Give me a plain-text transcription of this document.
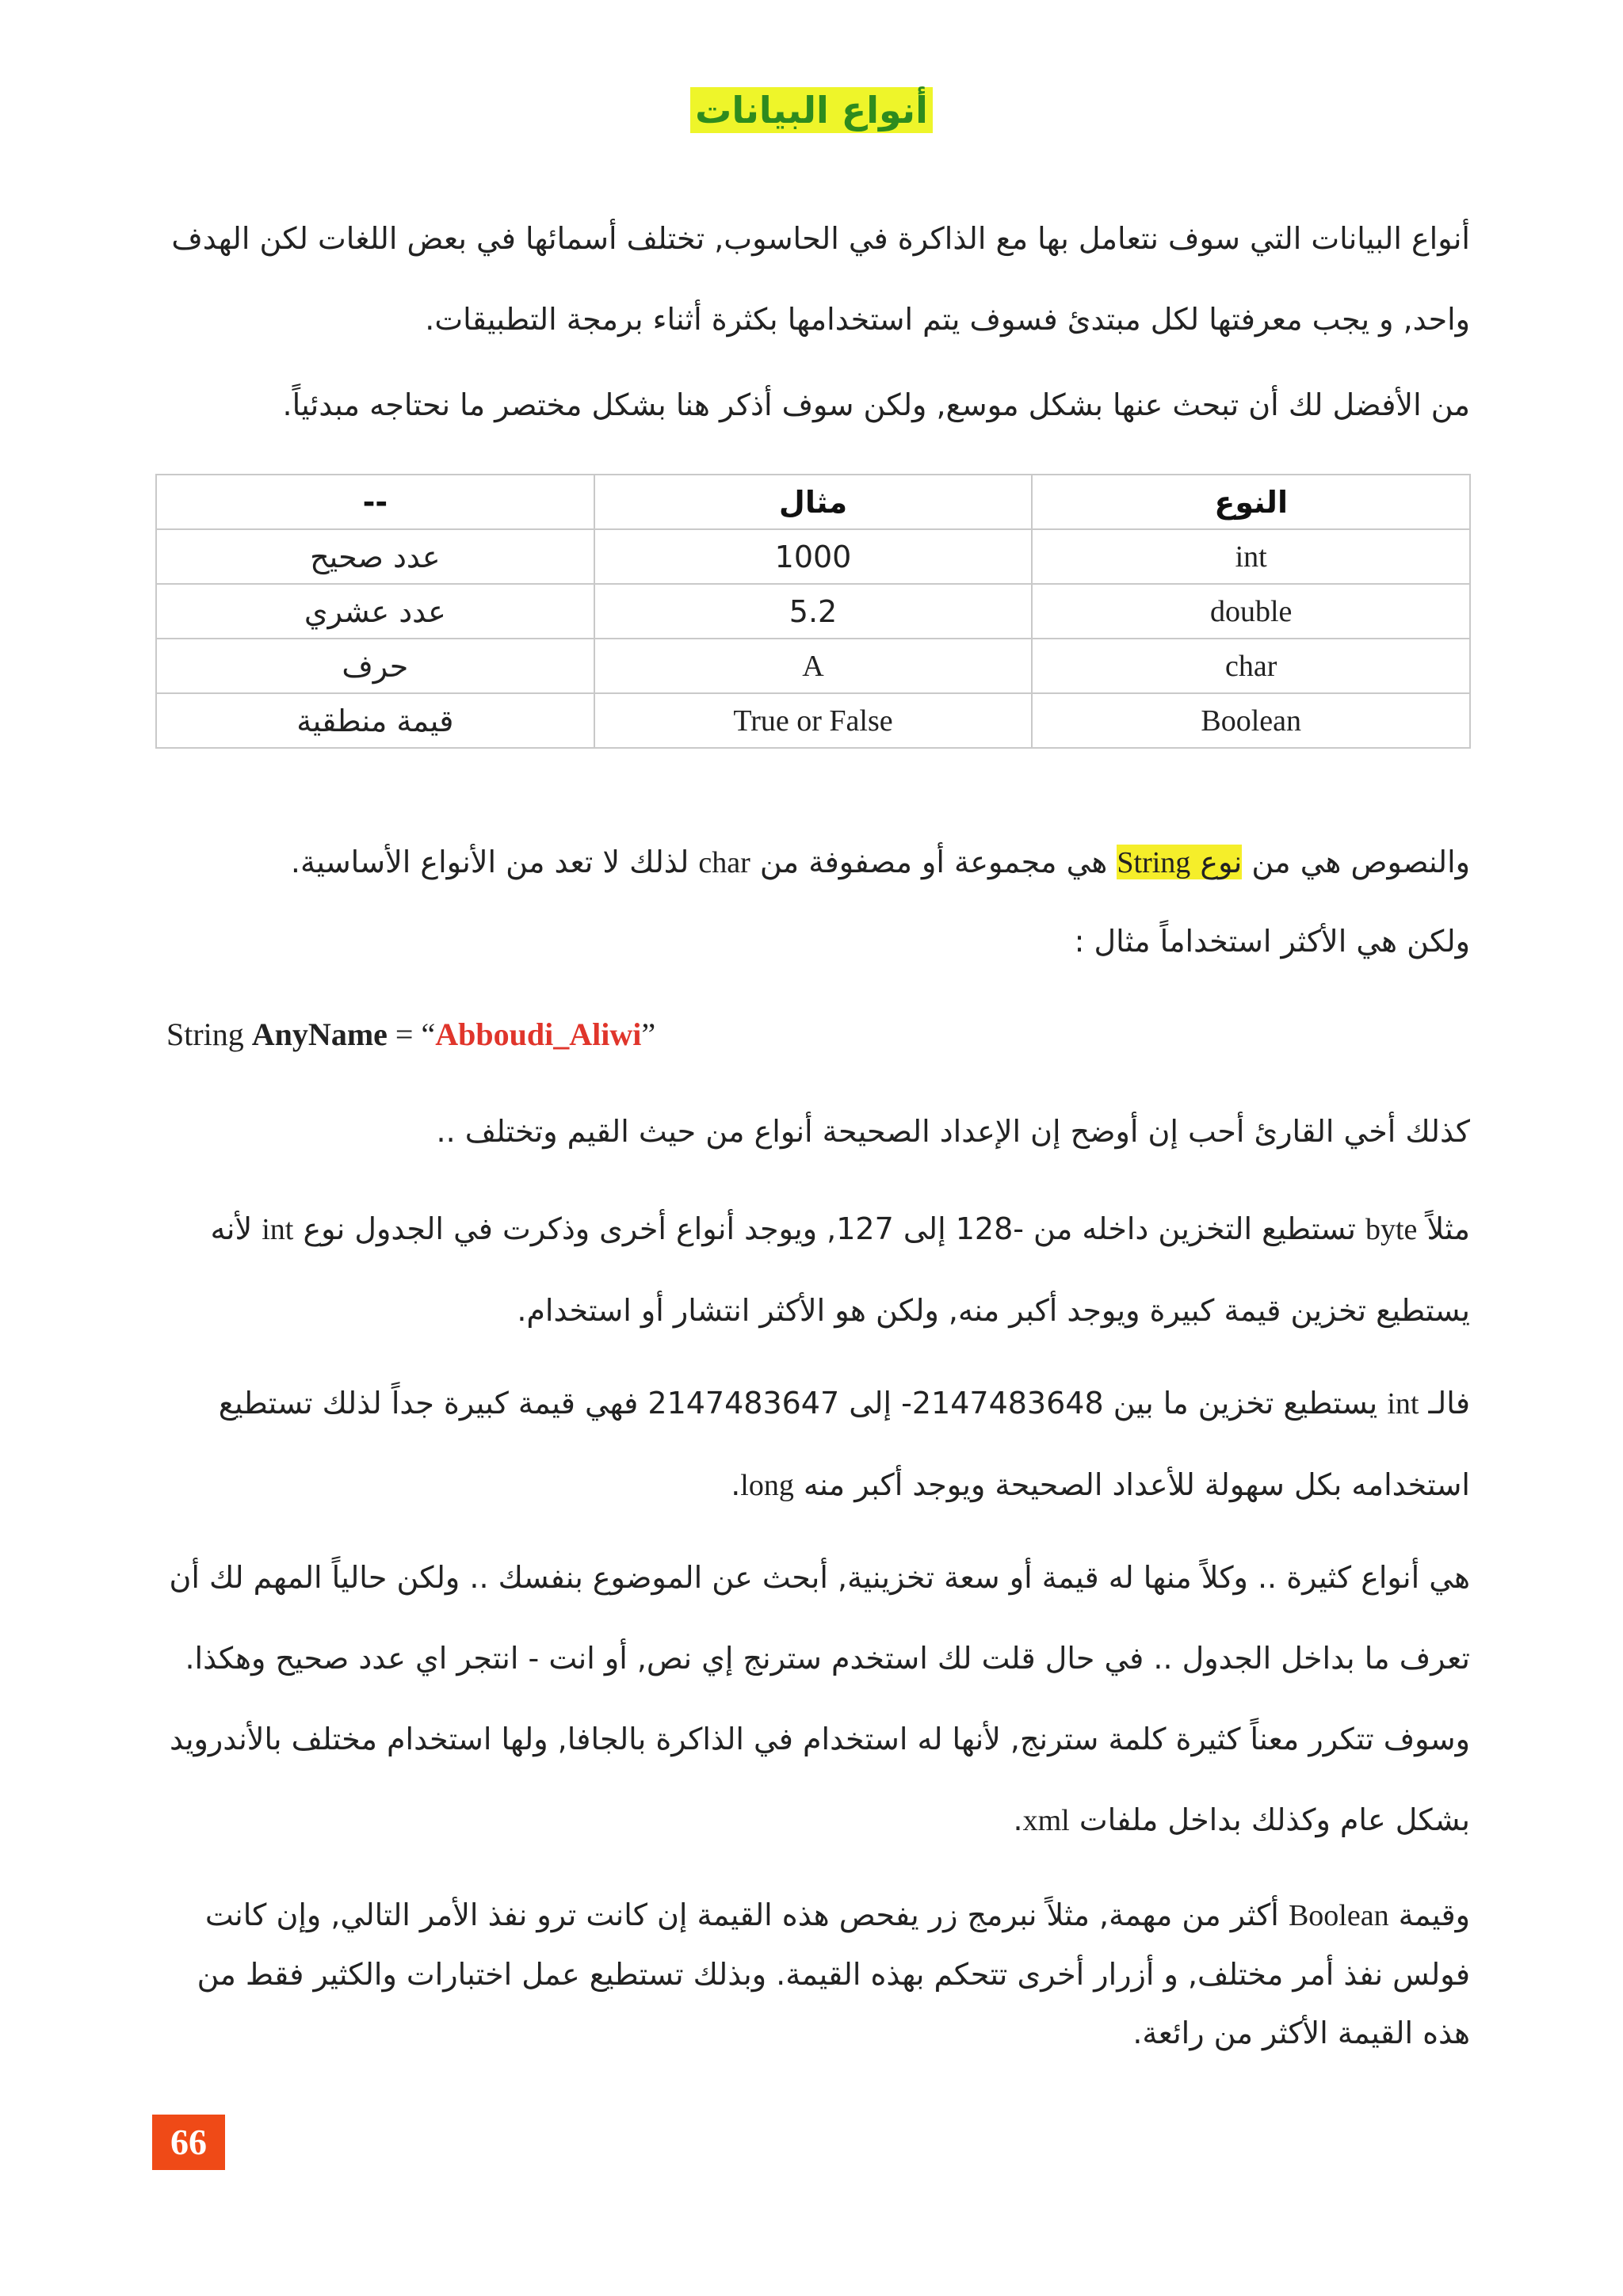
أنواع البيانات

أنواع البيانات التي سوف نتعامل بها مع الذاكرة في الحاسوب, تختلف أسمائها في بعض اللغات لكن الهدف واحد, و يجب معرفتها لكل مبتدئ فسوف يتم استخدامها بكثرة أثناء برمجة التطبيقات.

من الأفضل لك أن تبحث عنها بشكل موسع, ولكن سوف أذكر هنا بشكل مختصر ما نحتاجه مبدئياً.

النوع	مثال	--
int	1000	عدد صحيح
double	5.2	عدد عشري
char	A	حرف
Boolean	True or False	قيمة منطقية

والنصوص هي من نوع String هي مجموعة أو مصفوفة من char لذلك لا تعد من الأنواع الأساسية.

ولكن هي الأكثر استخداماً مثال :

String AnyName = “Abboudi_Aliwi”

كذلك أخي القارئ أحب إن أوضح إن الإعداد الصحيحة أنواع من حيث القيم وتختلف ..

مثلاً byte تستطيع التخزين داخله من -128 إلى 127, ويوجد أنواع أخرى وذكرت في الجدول نوع int لأنه يستطيع تخزين قيمة كبيرة ويوجد أكبر منه, ولكن هو الأكثر انتشار أو استخدام.

فالـ int يستطيع تخزين ما بين 2147483648- إلى 2147483647 فهي قيمة كبيرة جداً لذلك تستطيع استخدامه بكل سهولة للأعداد الصحيحة ويوجد أكبر منه long.

هي أنواع كثيرة .. وكلاً منها له قيمة أو سعة تخزينية, أبحث عن الموضوع بنفسك .. ولكن حالياً المهم لك أن تعرف ما بداخل الجدول .. في حال قلت لك استخدم سترنج إي نص, أو انت - انتجر اي عدد صحيح وهكذا. وسوف تتكرر معناً كثيرة كلمة سترنج, لأنها له استخدام في الذاكرة بالجافا, ولها استخدام مختلف بالأندرويد بشكل عام وكذلك بداخل ملفات xml.

وقيمة Boolean أكثر من مهمة, مثلاً نبرمج زر يفحص هذه القيمة إن كانت ترو نفذ الأمر التالي, وإن كانت فولس نفذ أمر مختلف, و أزرار أخرى تتحكم بهذه القيمة. وبذلك تستطيع عمل اختبارات والكثير فقط من هذه القيمة الأكثر من رائعة.

66
